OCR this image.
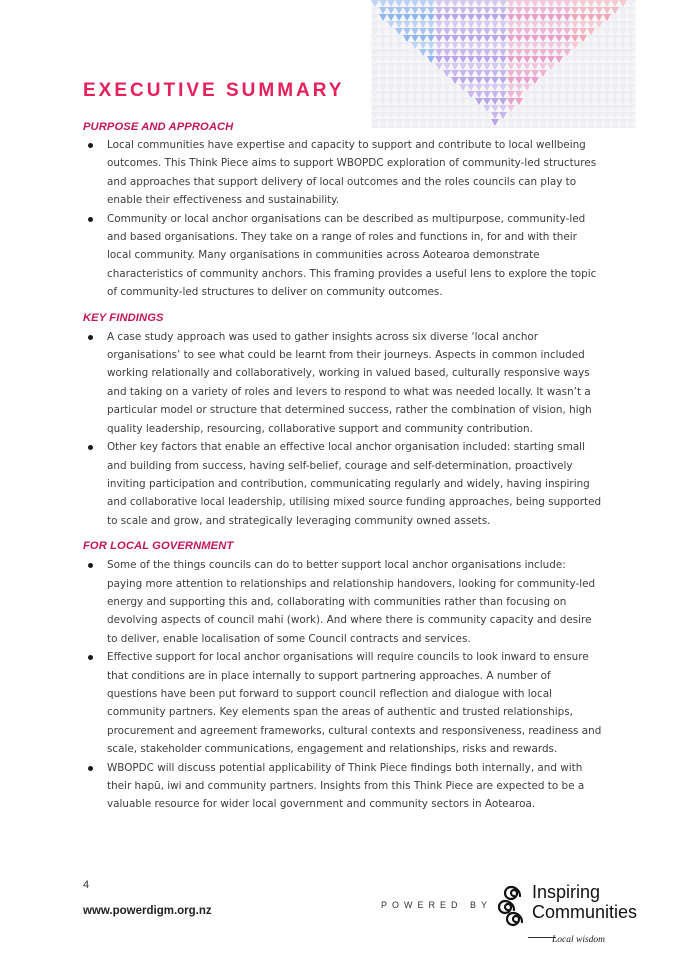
EXECUTIVE SUMMARY
PURPOSE AND APPROACH
Local communities have expertise and capacity to support and contribute to local wellbeing outcomes. This Think Piece aims to support WBOPDC exploration of community-led structures and approaches that support delivery of local outcomes and the roles councils can play to enable their effectiveness and sustainability.
Community or local anchor organisations can be described as multipurpose, community-led and based organisations. They take on a range of roles and functions in, for and with their local community. Many organisations in communities across Aotearoa demonstrate characteristics of community anchors. This framing provides a useful lens to explore the topic of community-led structures to deliver on community outcomes.
KEY FINDINGS
A case study approach was used to gather insights across six diverse ‘local anchor organisations’ to see what could be learnt from their journeys. Aspects in common included working relationally and collaboratively, working in valued based, culturally responsive ways and taking on a variety of roles and levers to respond to what was needed locally. It wasn’t a particular model or structure that determined success, rather the combination of vision, high quality leadership, resourcing, collaborative support and community contribution.
Other key factors that enable an effective local anchor organisation included: starting small and building from success, having self-belief, courage and self-determination, proactively inviting participation and contribution, communicating regularly and widely, having inspiring and collaborative local leadership, utilising mixed source funding approaches, being supported to scale and grow, and strategically leveraging community owned assets.
FOR LOCAL GOVERNMENT
Some of the things councils can do to better support local anchor organisations include: paying more attention to relationships and relationship handovers, looking for community-led energy and supporting this and, collaborating with communities rather than focusing on devolving aspects of council mahi (work). And where there is community capacity and desire to deliver, enable localisation of some Council contracts and services.
Effective support for local anchor organisations will require councils to look inward to ensure that conditions are in place internally to support partnering approaches. A number of questions have been put forward to support council reflection and dialogue with local community partners. Key elements span the areas of authentic and trusted relationships, procurement and agreement frameworks, cultural contexts and responsiveness, readiness and scale, stakeholder communications, engagement and relationships, risks and rewards.
WBOPDC will discuss potential applicability of Think Piece findings both internally, and with their hapū, iwi and community partners. Insights from this Think Piece are expected to be a valuable resource for wider local government and community sectors in Aotearoa.
4
www.powerdigm.org.nz	POWERED BY
Inspiring
Communities
Local wisdom
